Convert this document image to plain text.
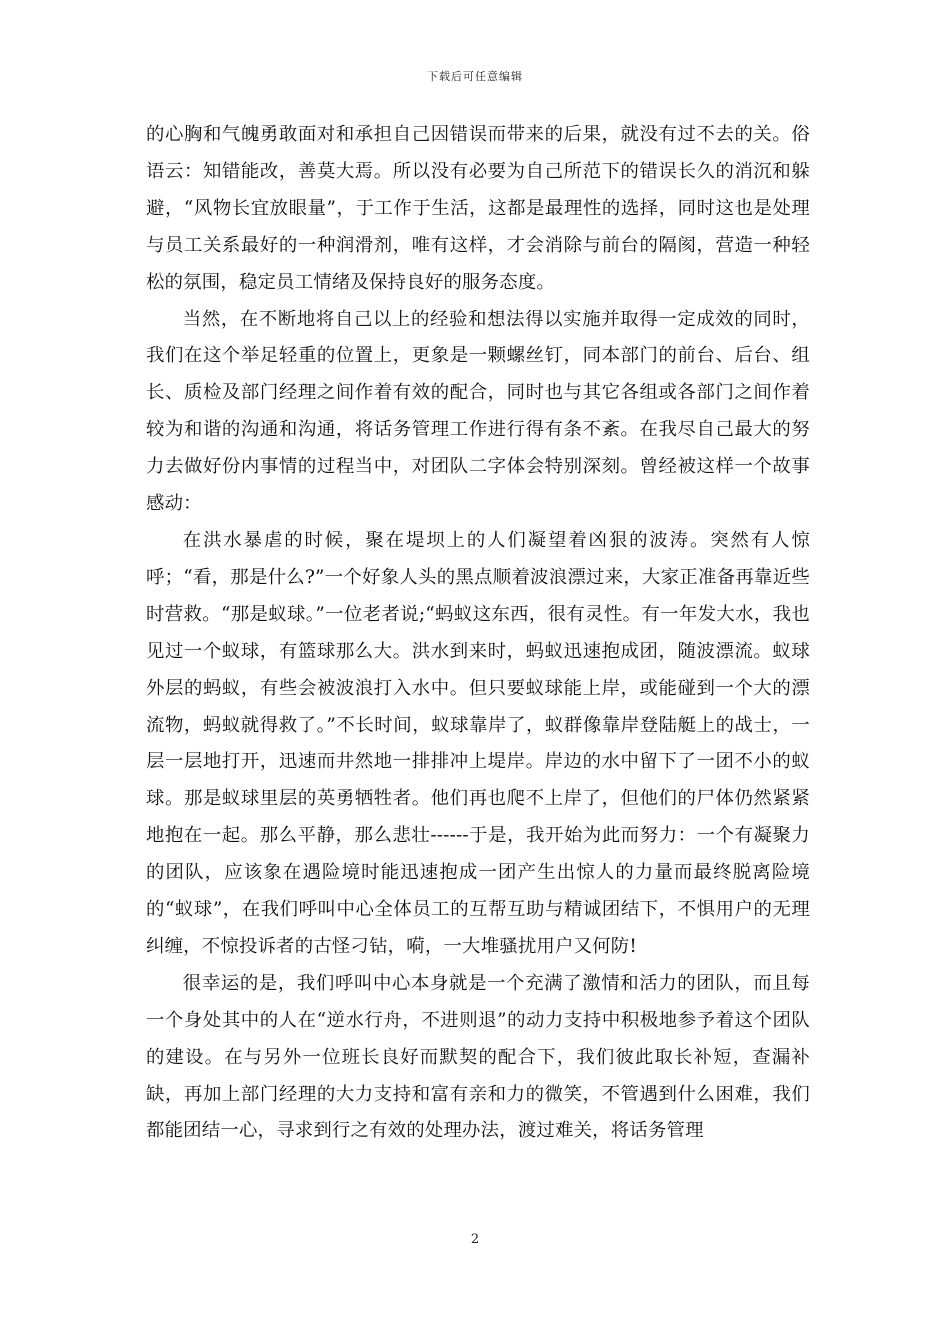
下载后可任意编辑

的心胸和气魄勇敢面对和承担自己因错误而带来的后果，就没有过不去的关。俗语云：知错能改，善莫大焉。所以没有必要为自己所范下的错误长久的消沉和躲避，“风物长宜放眼量”，于工作于生活，这都是最理性的选择，同时这也是处理与员工关系最好的一种润滑剂，唯有这样，才会消除与前台的隔阂，营造一种轻松的氛围，稳定员工情绪及保持良好的服务态度。

当然，在不断地将自己以上的经验和想法得以实施并取得一定成效的同时，我们在这个举足轻重的位置上，更象是一颗螺丝钉，同本部门的前台、后台、组长、质检及部门经理之间作着有效的配合，同时也与其它各组或各部门之间作着较为和谐的沟通和沟通，将话务管理工作进行得有条不紊。在我尽自己最大的努力去做好份内事情的过程当中，对团队二字体会特别深刻。曾经被这样一个故事感动：

在洪水暴虐的时候，聚在堤坝上的人们凝望着凶狠的波涛。突然有人惊呼；“看，那是什么?”一个好象人头的黑点顺着波浪漂过来，大家正准备再靠近些时营救。“那是蚁球。”一位老者说;“蚂蚁这东西，很有灵性。有一年发大水，我也见过一个蚁球，有篮球那么大。洪水到来时，蚂蚁迅速抱成团，随波漂流。蚁球外层的蚂蚁，有些会被波浪打入水中。但只要蚁球能上岸，或能碰到一个大的漂流物，蚂蚁就得救了。”不长时间，蚁球靠岸了，蚁群像靠岸登陆艇上的战士，一层一层地打开，迅速而井然地一排排冲上堤岸。岸边的水中留下了一团不小的蚁球。那是蚁球里层的英勇牺牲者。他们再也爬不上岸了，但他们的尸体仍然紧紧地抱在一起。那么平静，那么悲壮------于是，我开始为此而努力：一个有凝聚力的团队，应该象在遇险境时能迅速抱成一团产生出惊人的力量而最终脱离险境的“蚁球”，在我们呼叫中心全体员工的互帮互助与精诚团结下，不惧用户的无理纠缠，不惊投诉者的古怪刁钻，嗬，一大堆骚扰用户又何防!

很幸运的是，我们呼叫中心本身就是一个充满了激情和活力的团队，而且每一个身处其中的人在“逆水行舟，不进则退”的动力支持中积极地参予着这个团队的建设。在与另外一位班长良好而默契的配合下，我们彼此取长补短，查漏补缺，再加上部门经理的大力支持和富有亲和力的微笑，不管遇到什么困难，我们都能团结一心，寻求到行之有效的处理办法，渡过难关，将话务管理

2
